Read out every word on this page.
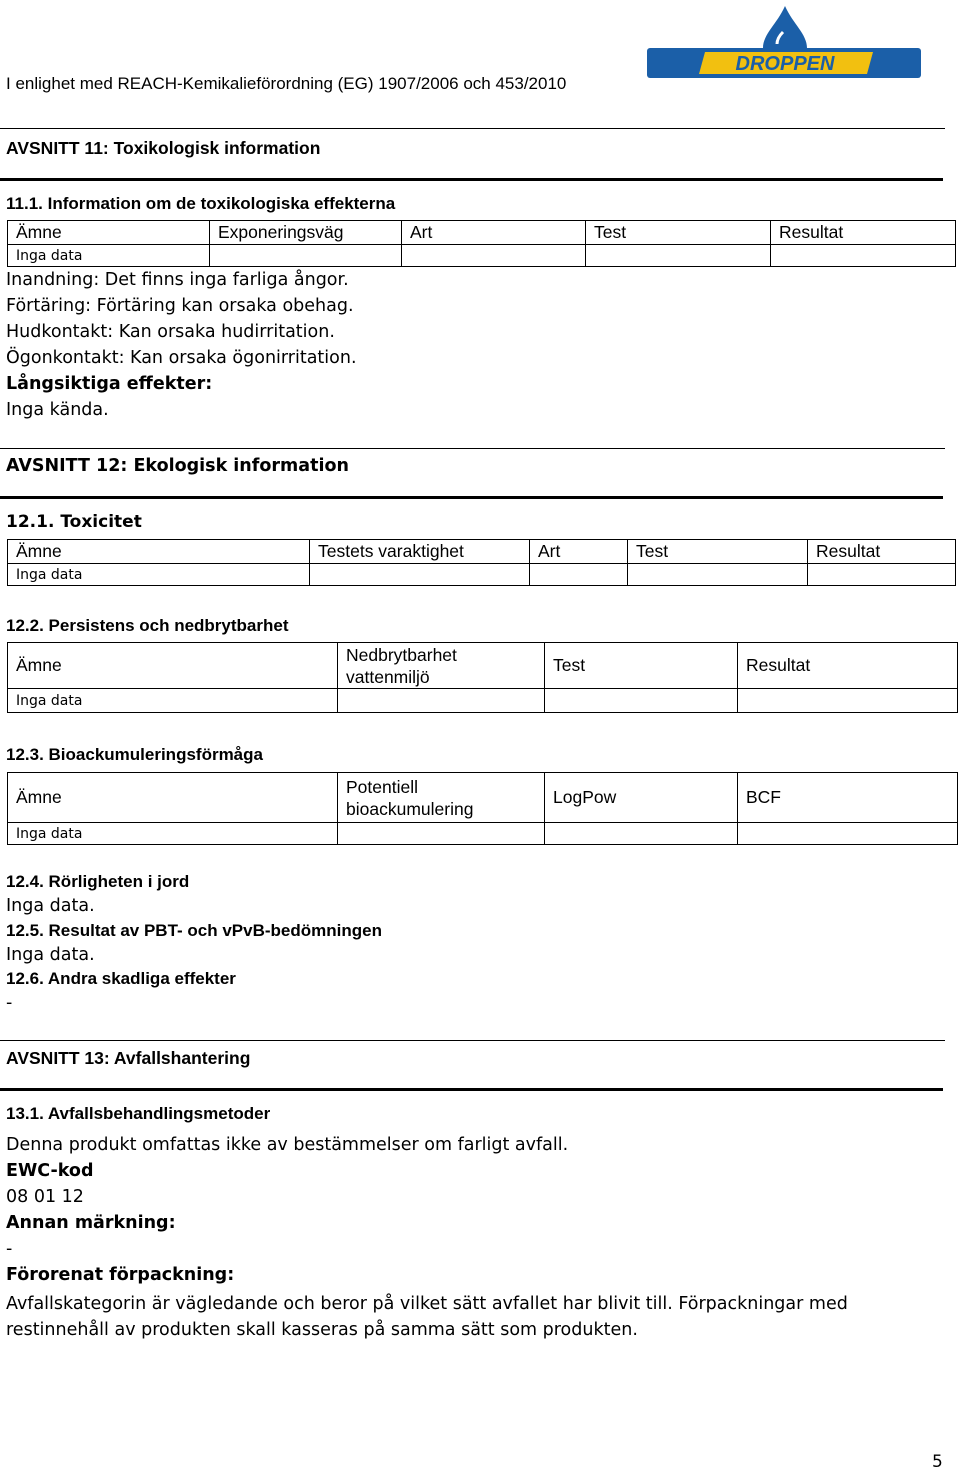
I enlighet med REACH-Kemikalieförordning (EG) 1907/2006 och 453/2010
DROPPEN
AVSNITT 11: Toxikologisk information
11.1. Information om de toxikologiska effekterna
Ämne	Exponeringsväg	Art	Test	Resultat
Inga data				
Inandning: Det finns inga farliga ångor.
Förtäring: Förtäring kan orsaka obehag.
Hudkontakt: Kan orsaka hudirritation.
Ögonkontakt: Kan orsaka ögonirritation.
Långsiktiga effekter:
Inga kända.
AVSNITT 12: Ekologisk information
12.1. Toxicitet
Ämne	Testets varaktighet	Art	Test	Resultat
Inga data				
12.2. Persistens och nedbrytbarhet
Ämne	Nedbrytbarhet vattenmiljö	Test	Resultat
Inga data			
12.3. Bioackumuleringsförmåga
Ämne	Potentiell bioackumulering	LogPow	BCF
Inga data			
12.4. Rörligheten i jord
Inga data.
12.5. Resultat av PBT- och vPvB-bedömningen
Inga data.
12.6. Andra skadliga effekter
-
AVSNITT 13: Avfallshantering
13.1. Avfallsbehandlingsmetoder
Denna produkt omfattas ikke av bestämmelser om farligt avfall.
EWC-kod
08 01 12
Annan märkning:
-
Förorenat förpackning:
Avfallskategorin är vägledande och beror på vilket sätt avfallet har blivit till. Förpackningar med restinnehåll av produkten skall kasseras på samma sätt som produkten.
5
